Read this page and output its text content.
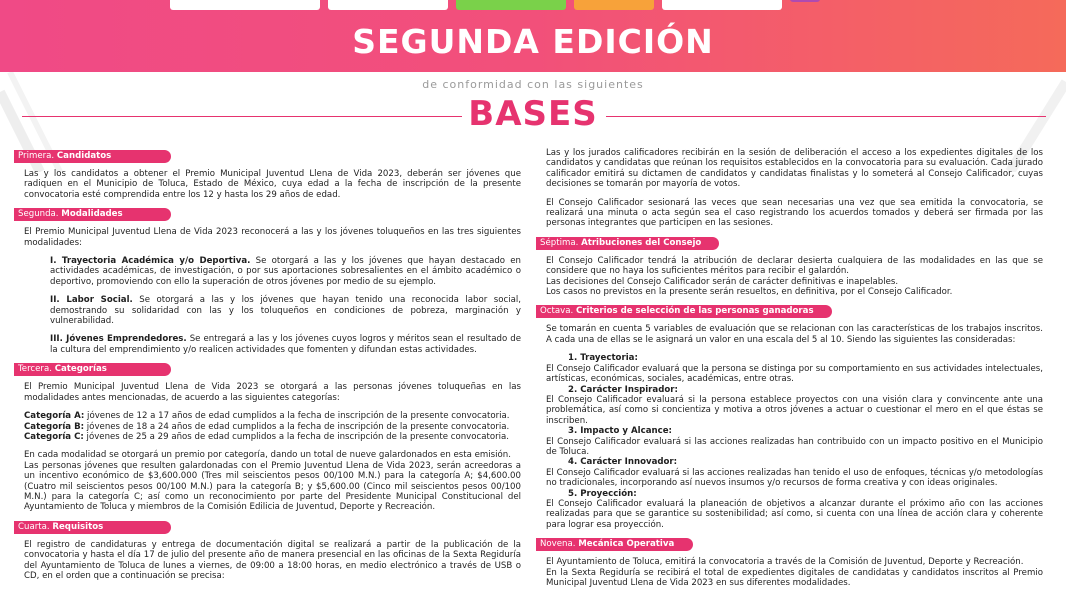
SEGUNDA EDICIÓN
de conformidad con las siguientes
BASES
Primera. Candidatos
Las y los candidatos a obtener el Premio Municipal Juventud Llena de Vida 2023, deberán ser jóvenes que radiquen en el Municipio de Toluca, Estado de México, cuya edad a la fecha de inscripción de la presente convocatoria esté comprendida entre los 12 y hasta los 29 años de edad.
Segunda. Modalidades
El Premio Municipal Juventud Llena de Vida 2023 reconocerá a las y los jóvenes toluqueños en las tres siguientes modalidades:
I. Trayectoria Académica y/o Deportiva. Se otorgará a las y los jóvenes que hayan destacado en actividades académicas, de investigación, o por sus aportaciones sobresalientes en el ámbito académico o deportivo, promoviendo con ello la superación de otros jóvenes por medio de su ejemplo.
II. Labor Social. Se otorgará a las y los jóvenes que hayan tenido una reconocida labor social, demostrando su solidaridad con las y los toluqueños en condiciones de pobreza, marginación y vulnerabilidad.
III. Jóvenes Emprendedores. Se entregará a las y los jóvenes cuyos logros y méritos sean el resultado de la cultura del emprendimiento y/o realicen actividades que fomenten y difundan estas actividades.
Tercera. Categorías
El Premio Municipal Juventud Llena de Vida 2023 se otorgará a las personas jóvenes toluqueñas en las modalidades antes mencionadas, de acuerdo a las siguientes categorías:
Categoría A: jóvenes de 12 a 17 años de edad cumplidos a la fecha de inscripción de la presente convocatoria.
Categoría B: jóvenes de 18 a 24 años de edad cumplidos a la fecha de inscripción de la presente convocatoria.
Categoría C: jóvenes de 25 a 29 años de edad cumplidos a la fecha de inscripción de la presente convocatoria.
En cada modalidad se otorgará un premio por categoría, dando un total de nueve galardonados en esta emisión.
Las personas jóvenes que resulten galardonadas con el Premio Juventud Llena de Vida 2023, serán acreedoras a un incentivo económico de $3,600.000 (Tres mil seiscientos pesos 00/100 M.N.) para la categoría A; $4,600.00 (Cuatro mil seiscientos pesos 00/100 M.N.) para la categoría B; y $5,600.00 (Cinco mil seiscientos pesos 00/100 M.N.) para la categoría C; así como un reconocimiento por parte del Presidente Municipal Constitucional del Ayuntamiento de Toluca y miembros de la Comisión Edilicia de Juventud, Deporte y Recreación.
Cuarta. Requisitos
El registro de candidaturas y entrega de documentación digital se realizará a partir de la publicación de la convocatoria y hasta el día 17 de julio del presente año de manera presencial en las oficinas de la Sexta Regiduría del Ayuntamiento de Toluca de lunes a viernes, de 09:00 a 18:00 horas, en medio electrónico a través de USB o CD, en el orden que a continuación se precisa:
Las y los jurados calificadores recibirán en la sesión de deliberación el acceso a los expedientes digitales de los candidatos y candidatas que reúnan los requisitos establecidos en la convocatoria para su evaluación. Cada jurado calificador emitirá su dictamen de candidatos y candidatas finalistas y lo someterá al Consejo Calificador, cuyas decisiones se tomarán por mayoría de votos.
El Consejo Calificador sesionará las veces que sean necesarias una vez que sea emitida la convocatoria, se realizará una minuta o acta según sea el caso registrando los acuerdos tomados y deberá ser firmada por las personas integrantes que participen en las sesiones.
Séptima. Atribuciones del Consejo
El Consejo Calificador tendrá la atribución de declarar desierta cualquiera de las modalidades en las que se considere que no haya los suficientes méritos para recibir el galardón.
Las decisiones del Consejo Calificador serán de carácter definitivas e inapelables.
Los casos no previstos en la presente serán resueltos, en definitiva, por el Consejo Calificador.
Octava. Criterios de selección de las personas ganadoras
Se tomarán en cuenta 5 variables de evaluación que se relacionan con las características de los trabajos inscritos. A cada una de ellas se le asignará un valor en una escala del 5 al 10. Siendo las siguientes las consideradas:
1. Trayectoria:
El Consejo Calificador evaluará que la persona se distinga por su comportamiento en sus actividades intelectuales, artísticas, económicas, sociales, académicas, entre otras.
2. Carácter Inspirador:
El Consejo Calificador evaluará si la persona establece proyectos con una visión clara y convincente ante una problemática, así como si concientiza y motiva a otros jóvenes a actuar o cuestionar el mero en el que éstas se inscriben.
3. Impacto y Alcance:
El Consejo Calificador evaluará si las acciones realizadas han contribuido con un impacto positivo en el Municipio de Toluca.
4. Carácter Innovador:
El Consejo Calificador evaluará si las acciones realizadas han tenido el uso de enfoques, técnicas y/o metodologías no tradicionales, incorporando así nuevos insumos y/o recursos de forma creativa y con ideas originales.
5. Proyección:
El Consejo Calificador evaluará la planeación de objetivos a alcanzar durante el próximo año con las acciones realizadas para que se garantice su sostenibilidad; así como, si cuenta con una línea de acción clara y coherente para lograr esa proyección.
Novena. Mecánica Operativa
El Ayuntamiento de Toluca, emitirá la convocatoria a través de la Comisión de Juventud, Deporte y Recreación.
En la Sexta Regiduría se recibirá el total de expedientes digitales de candidatas y candidatos inscritos al Premio Municipal Juventud Llena de Vida 2023 en sus diferentes modalidades.
